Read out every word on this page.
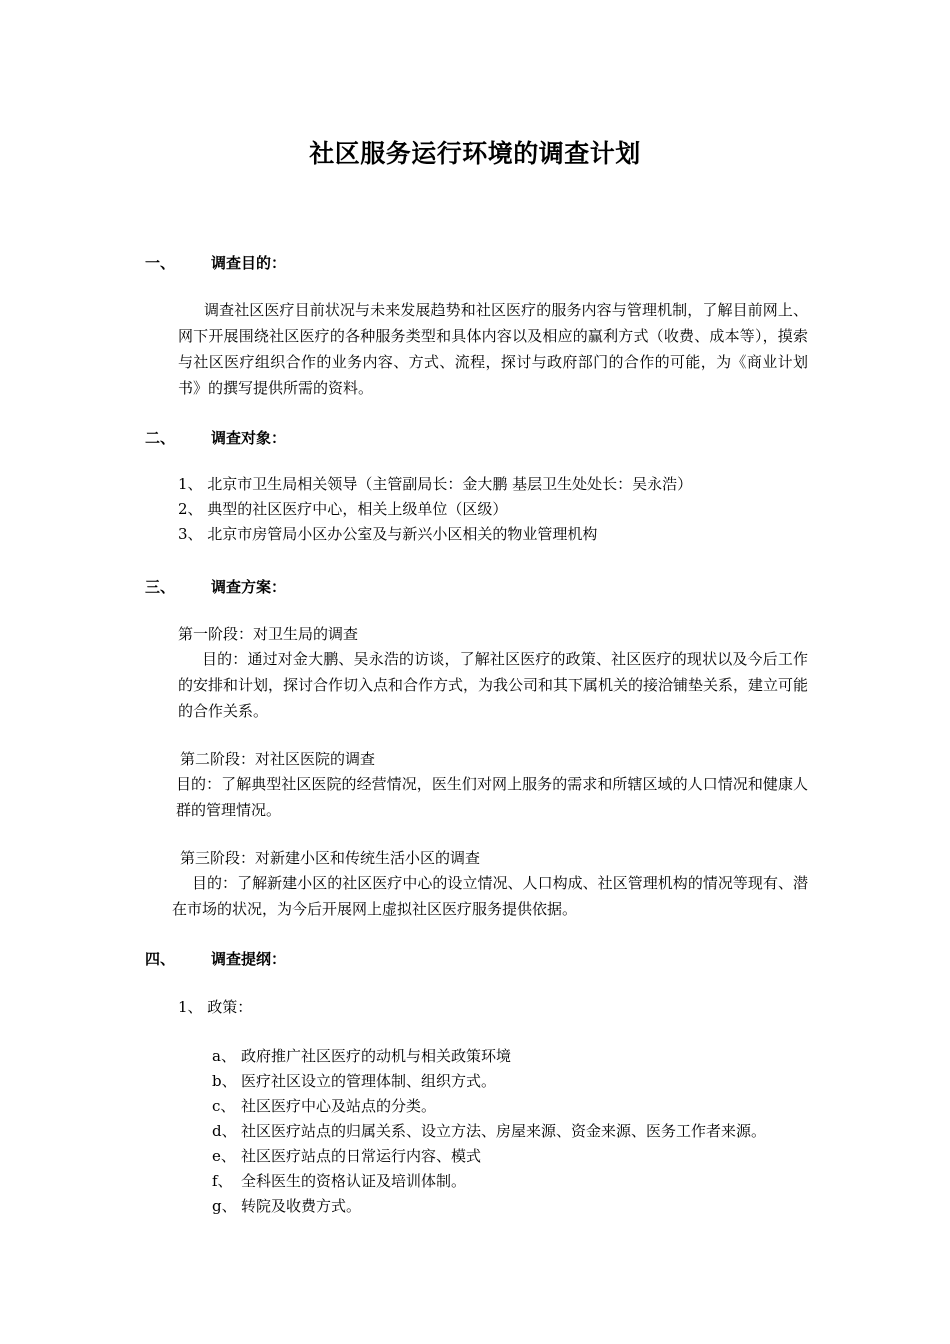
社区服务运行环境的调查计划
一、 调查目的：
调查社区医疗目前状况与未来发展趋势和社区医疗的服务内容与管理机制，了解目前网上、网下开展围绕社区医疗的各种服务类型和具体内容以及相应的赢利方式（收费、成本等），摸索与社区医疗组织合作的业务内容、方式、流程，探讨与政府部门的合作的可能，为《商业计划书》的撰写提供所需的资料。
二、 调查对象：
1、 北京市卫生局相关领导（主管副局长：金大鹏 基层卫生处处长：吴永浩）
2、 典型的社区医疗中心，相关上级单位（区级）
3、 北京市房管局小区办公室及与新兴小区相关的物业管理机构
三、 调查方案：
第一阶段：对卫生局的调查
目的：通过对金大鹏、吴永浩的访谈，了解社区医疗的政策、社区医疗的现状以及今后工作的安排和计划，探讨合作切入点和合作方式，为我公司和其下属机关的接洽铺垫关系，建立可能的合作关系。
第二阶段：对社区医院的调查
目的：了解典型社区医院的经营情况，医生们对网上服务的需求和所辖区域的人口情况和健康人群的管理情况。
第三阶段：对新建小区和传统生活小区的调查
目的：了解新建小区的社区医疗中心的设立情况、人口构成、社区管理机构的情况等现有、潜在市场的状况，为今后开展网上虚拟社区医疗服务提供依据。
四、 调查提纲：
1、 政策：
a、 政府推广社区医疗的动机与相关政策环境
b、 医疗社区设立的管理体制、组织方式。
c、 社区医疗中心及站点的分类。
d、 社区医疗站点的归属关系、设立方法、房屋来源、资金来源、医务工作者来源。
e、 社区医疗站点的日常运行内容、模式
f、 全科医生的资格认证及培训体制。
g、 转院及收费方式。
